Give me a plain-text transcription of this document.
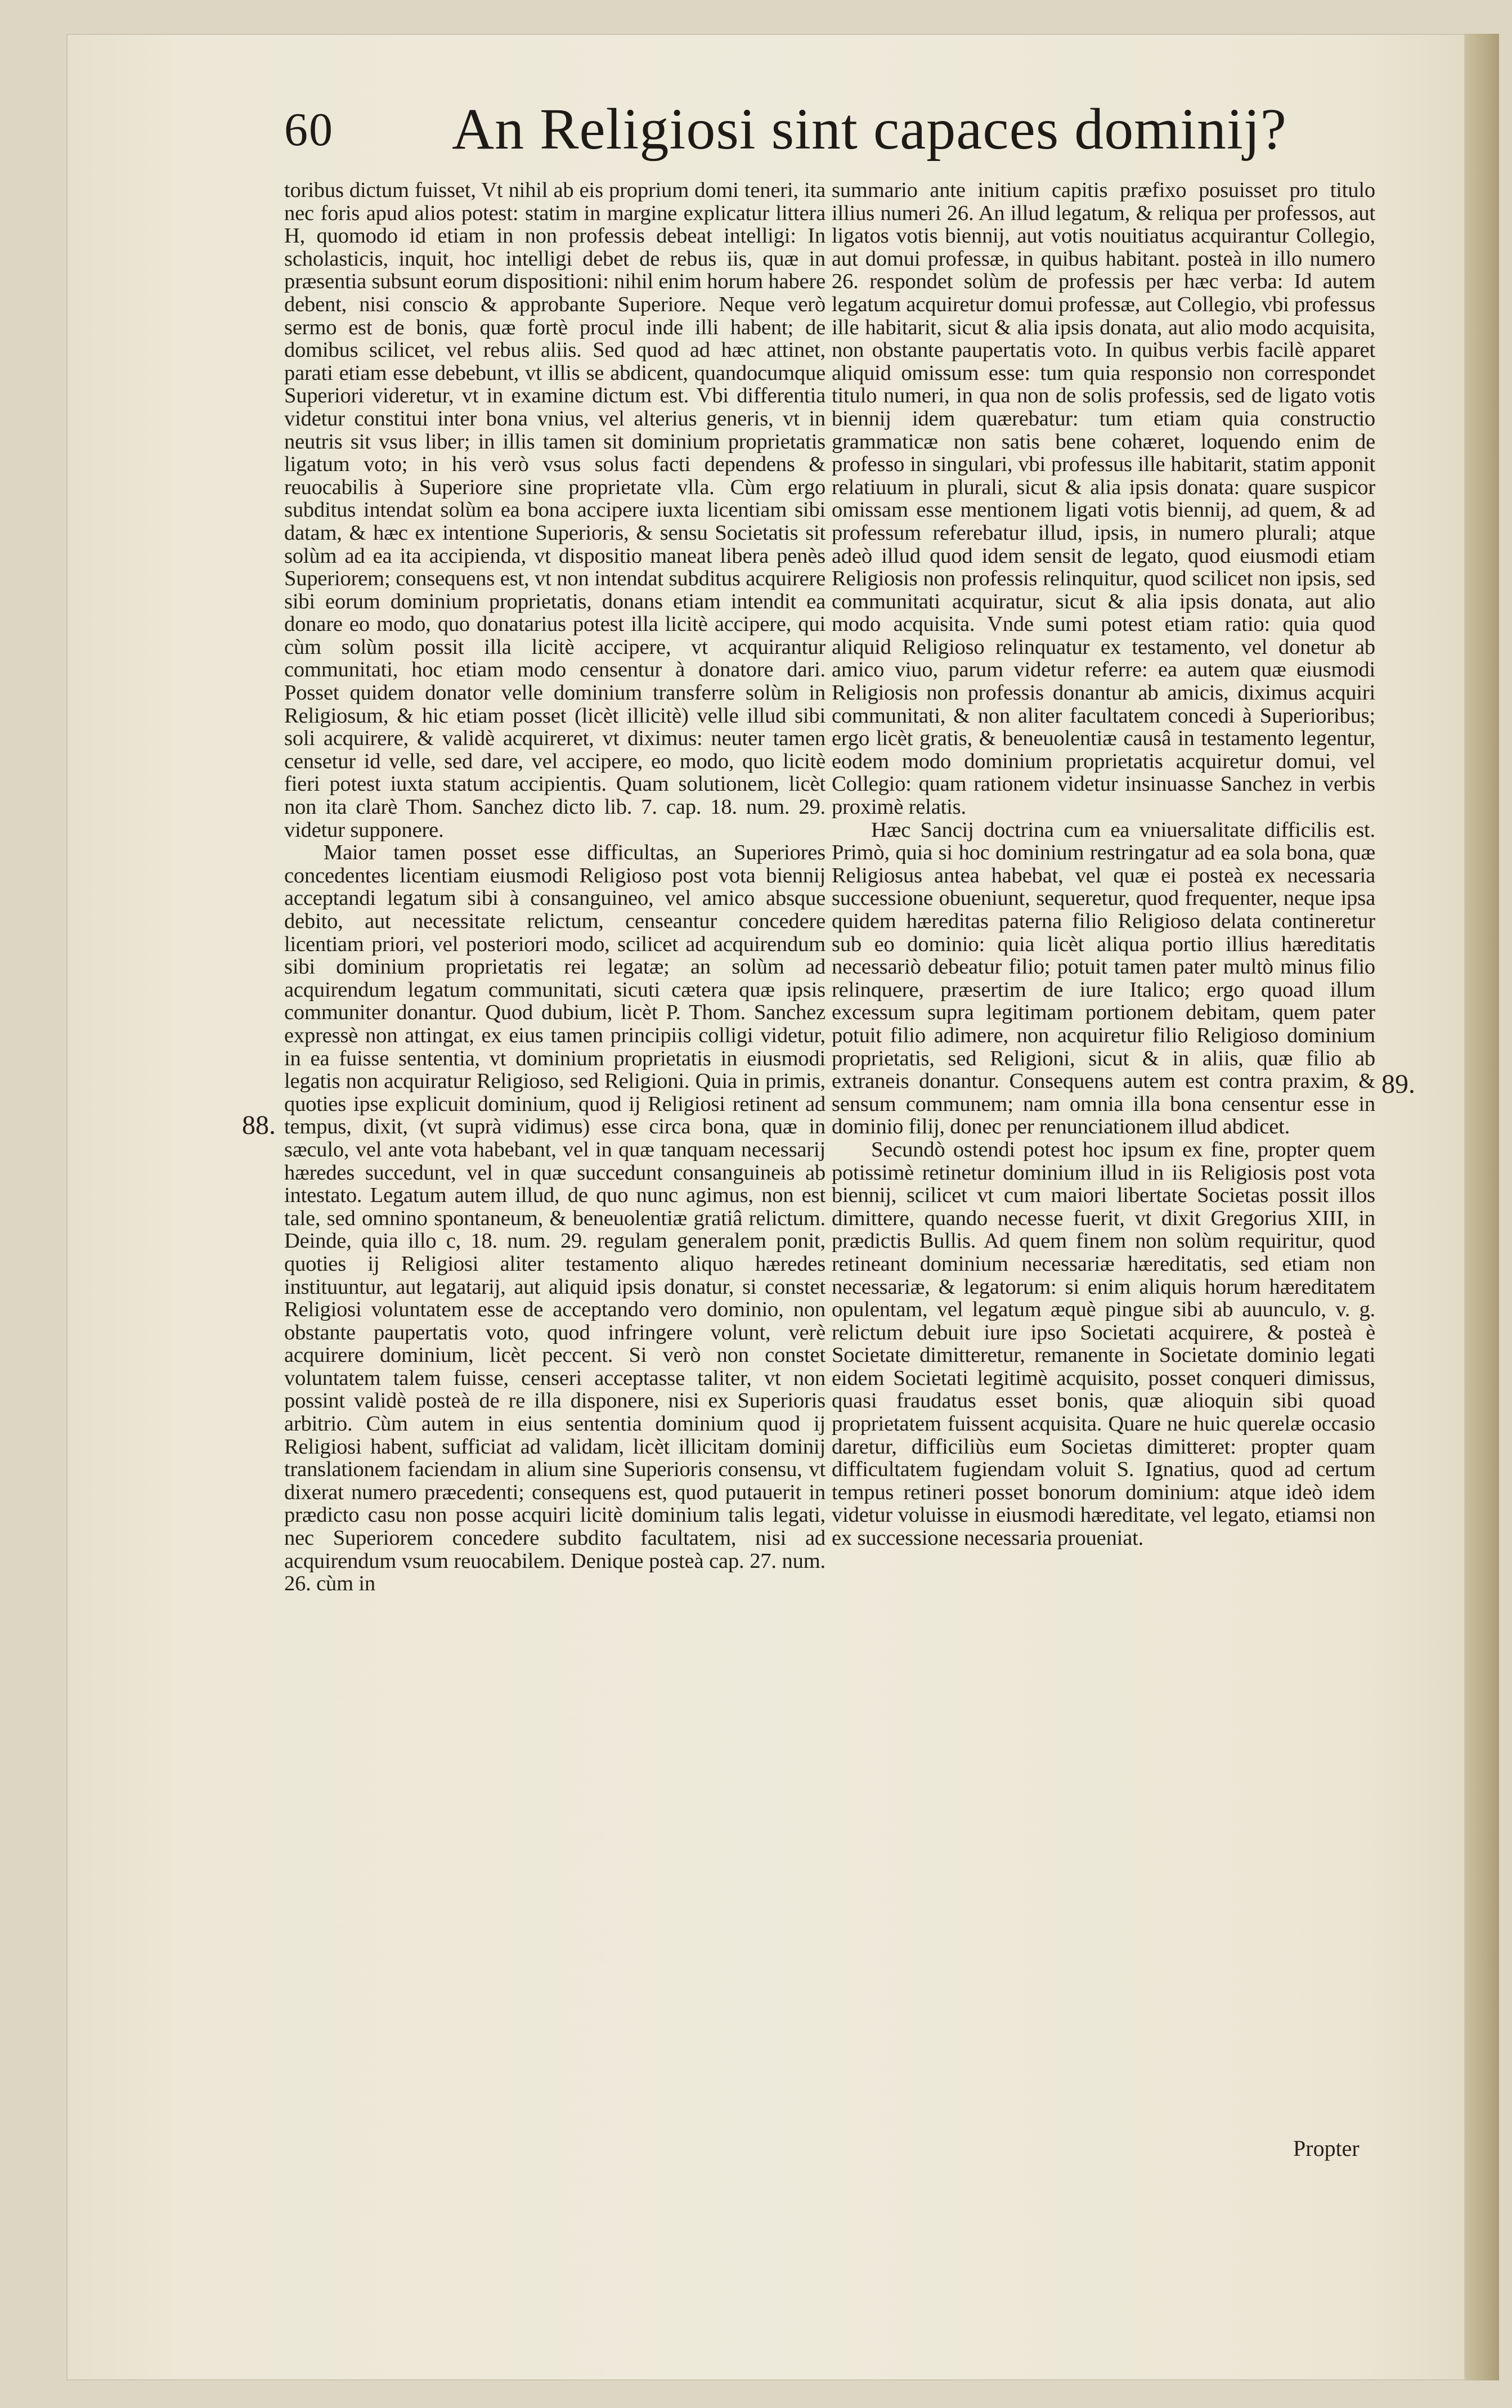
60 An Religiosi sint capaces dominij?

toribus dictum fuisset, Vt nihil ab eis proprium domi teneri, ita nec foris apud alios potest: statim in margine explicatur littera H, quomodo id etiam in non professis debeat intelligi: In scholasticis, inquit, hoc intelligi debet de rebus iis, quæ in præsentia subsunt eorum dispositioni: nihil enim horum habere debent, nisi conscio & approbante Superiore. Neque verò sermo est de bonis, quæ fortè procul inde illi habent; de domibus scilicet, vel rebus aliis. Sed quod ad hæc attinet, parati etiam esse debebunt, vt illis se abdicent, quandocumque Superiori videretur, vt in examine dictum est. Vbi differentia videtur constitui inter bona vnius, vel alterius generis, vt in neutris sit vsus liber; in illis tamen sit dominium proprietatis ligatum voto; in his verò vsus solus facti dependens & reuocabilis à Superiore sine proprietate vlla. Cùm ergo subditus intendat solùm ea bona accipere iuxta licentiam sibi datam, & hæc ex intentione Superioris, & sensu Societatis sit solùm ad ea ita accipienda, vt dispositio maneat libera penès Superiorem; consequens est, vt non intendat subditus acquirere sibi eorum dominium proprietatis, donans etiam intendit ea donare eo modo, quo donatarius potest illa licitè accipere, qui cùm solùm possit illa licitè accipere, vt acquirantur communitati, hoc etiam modo censentur à donatore dari. Posset quidem donator velle dominium transferre solùm in Religiosum, & hic etiam posset (licèt illicitè) velle illud sibi soli acquirere, & validè acquireret, vt diximus: neuter tamen censetur id velle, sed dare, vel accipere, eo modo, quo licitè fieri potest iuxta statum accipientis. Quam solutionem, licèt non ita clarè Thom. Sanchez dicto lib. 7. cap. 18. num. 29. videtur supponere.

Maior tamen posset esse difficultas, an Superiores concedentes licentiam eiusmodi Religioso post vota biennij acceptandi legatum sibi à consanguineo, vel amico absque debito, aut necessitate relictum, censeantur concedere licentiam priori, vel posteriori modo, scilicet ad acquirendum sibi dominium proprietatis rei legatæ; an solùm ad acquirendum legatum communitati, sicuti cætera quæ ipsis communiter donantur. Quod dubium, licèt P. Thom. Sanchez expressè non attingat, ex eius tamen principiis colligi videtur, in ea fuisse sententia, vt dominium proprietatis in eiusmodi legatis non acquiratur Religioso, sed Religioni. Quia in primis, quoties ipse explicuit dominium, quod ij Religiosi retinent ad tempus, dixit, (vt suprà vidimus) esse circa bona, quæ in sæculo, vel ante vota habebant, vel in quæ tanquam necessarij hæredes succedunt, vel in quæ succedunt consanguineis ab intestato. Legatum autem illud, de quo nunc agimus, non est tale, sed omnino spontaneum, & beneuolentiæ gratiâ relictum. Deinde, quia illo c, 18. num. 29. regulam generalem ponit, quoties ij Religiosi aliter testamento aliquo hæredes instituuntur, aut legatarij, aut aliquid ipsis donatur, si constet Religiosi voluntatem esse de acceptando vero dominio, non obstante paupertatis voto, quod infringere volunt, verè acquirere dominium, licèt peccent. Si verò non constet voluntatem talem fuisse, censeri acceptasse taliter, vt non possint validè posteà de re illa disponere, nisi ex Superioris arbitrio. Cùm autem in eius sententia dominium quod ij Religiosi habent, sufficiat ad validam, licèt illicitam dominij translationem faciendam in alium sine Superioris consensu, vt dixerat numero præcedenti; consequens est, quod putauerit in prædicto casu non posse acquiri licitè dominium talis legati, nec Superiorem concedere subdito facultatem, nisi ad acquirendum vsum reuocabilem. Denique posteà cap. 27. num. 26. cùm in

summario ante initium capitis præfixo posuisset pro titulo illius numeri 26. An illud legatum, & reliqua per professos, aut ligatos votis biennij, aut votis nouitiatus acquirantur Collegio, aut domui professæ, in quibus habitant. posteà in illo numero 26. respondet solùm de professis per hæc verba: Id autem legatum acquiretur domui professæ, aut Collegio, vbi professus ille habitarit, sicut & alia ipsis donata, aut alio modo acquisita, non obstante paupertatis voto. In quibus verbis facilè apparet aliquid omissum esse: tum quia responsio non correspondet titulo numeri, in qua non de solis professis, sed de ligato votis biennij idem quærebatur: tum etiam quia constructio grammaticæ non satis bene cohæret, loquendo enim de professo in singulari, vbi professus ille habitarit, statim apponit relatiuum in plurali, sicut & alia ipsis donata: quare suspicor omissam esse mentionem ligati votis biennij, ad quem, & ad professum referebatur illud, ipsis, in numero plurali; atque adeò illud quod idem sensit de legato, quod eiusmodi etiam Religiosis non professis relinquitur, quod scilicet non ipsis, sed communitati acquiratur, sicut & alia ipsis donata, aut alio modo acquisita. Vnde sumi potest etiam ratio: quia quod aliquid Religioso relinquatur ex testamento, vel donetur ab amico viuo, parum videtur referre: ea autem quæ eiusmodi Religiosis non professis donantur ab amicis, diximus acquiri communitati, & non aliter facultatem concedi à Superioribus; ergo licèt gratis, & beneuolentiæ causâ in testamento legentur, eodem modo dominium proprietatis acquiretur domui, vel Collegio: quam rationem videtur insinuasse Sanchez in verbis proximè relatis.

Hæc Sancij doctrina cum ea vniuersalitate difficilis est. Primò, quia si hoc dominium restringatur ad ea sola bona, quæ Religiosus antea habebat, vel quæ ei posteà ex necessaria successione obueniunt, sequeretur, quod frequenter, neque ipsa quidem hæreditas paterna filio Religioso delata contineretur sub eo dominio: quia licèt aliqua portio illius hæreditatis necessariò debeatur filio; potuit tamen pater multò minus filio relinquere, præsertim de iure Italico; ergo quoad illum excessum supra legitimam portionem debitam, quem pater potuit filio adimere, non acquiretur filio Religioso dominium proprietatis, sed Religioni, sicut & in aliis, quæ filio ab extraneis donantur. Consequens autem est contra praxim, & sensum communem; nam omnia illa bona censentur esse in dominio filij, donec per renunciationem illud abdicet.

Secundò ostendi potest hoc ipsum ex fine, propter quem potissimè retinetur dominium illud in iis Religiosis post vota biennij, scilicet vt cum maiori libertate Societas possit illos dimittere, quando necesse fuerit, vt dixit Gregorius XIII, in prædictis Bullis. Ad quem finem non solùm requiritur, quod retineant dominium necessariæ hæreditatis, sed etiam non necessariæ, & legatorum: si enim aliquis horum hæreditatem opulentam, vel legatum æquè pingue sibi ab auunculo, v. g. relictum debuit iure ipso Societati acquirere, & posteà è Societate dimitteretur, remanente in Societate dominio legati eidem Societati legitimè acquisito, posset conqueri dimissus, quasi fraudatus esset bonis, quæ alioquin sibi quoad proprietatem fuissent acquisita. Quare ne huic querelæ occasio daretur, difficiliùs eum Societas dimitteret: propter quam difficultatem fugiendam voluit S. Ignatius, quod ad certum tempus retineri posset bonorum dominium: atque ideò idem videtur voluisse in eiusmodi hæreditate, vel legato, etiamsi non ex successione necessaria proueniat.

88.
89.
Propter
